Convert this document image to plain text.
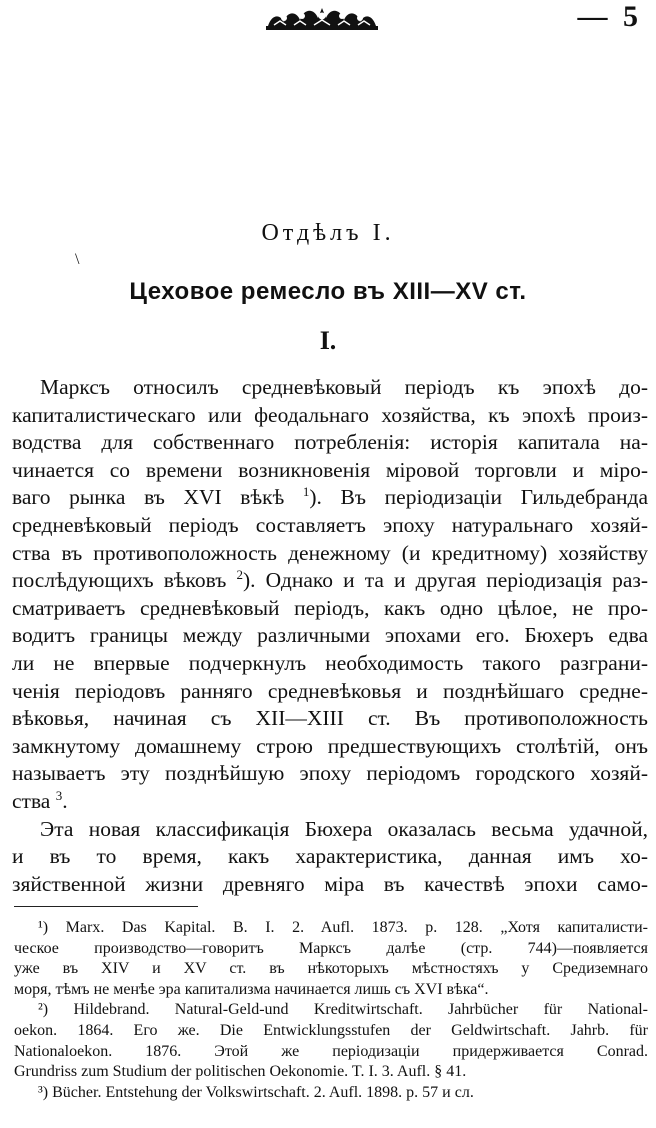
— 5
\
Отдѣлъ I.
Цеховое ремесло въ XIII—XV ст.
I.
Марксъ относилъ средневѣковый періодъ къ эпохѣ до-
капиталистическаго или феодальнаго хозяйства, къ эпохѣ произ-
водства для собственнаго потребленія: исторія капитала на-
чинается со времени возникновенія міровой торговли и міро-
ваго рынка въ XVI вѣкѣ $^1$). Въ періодизаціи Гильдебранда
средневѣковый періодъ составляетъ эпоху натуральнаго хозяй-
ства въ противоположность денежному (и кредитному) хозяйству
послѣдующихъ вѣковъ $^2$). Однако и та и другая періодизація раз-
сматриваетъ средневѣковый періодъ, какъ одно цѣлое, не про-
водитъ границы между различными эпохами его. Бюхеръ едва
ли не впервые подчеркнулъ необходимость такого разграни-
ченія періодовъ ранняго средневѣковья и позднѣйшаго средне-
вѣковья, начиная съ XII—XIII ст. Въ противоположность
замкнутому домашнему строю предшествующихъ столѣтій, онъ
называетъ эту позднѣйшую эпоху періодомъ городского хозяй-
ства $^3$.
Эта новая классификація Бюхера оказалась весьма удачной,
и въ то время, какъ характеристика, данная имъ хо-
зяйственной жизни древняго міра въ качествѣ эпохи само-
¹) Marx. Das Kapital. B. I. 2. Aufl. 1873. p. 128. „Хотя капиталисти-
ческое производство—говоритъ Марксъ далѣе (стр. 744)—появляется
уже въ XIV и XV ст. въ нѣкоторыхъ мѣстностяхъ у Средиземнаго
моря, тѣмъ не менѣе эра капитализма начинается лишь съ XVI вѣка“.
²) Hildebrand. Natural-Geld-und Kreditwirtschaft. Jahrbücher für National-
oekon. 1864. Его же. Die Entwicklungsstufen der Geldwirtschaft. Jahrb. für
Nationaloekon. 1876. Этой же періодизаціи придерживается Conrad.
Grundriss zum Studium der politischen Oekonomie. T. I. 3. Aufl. § 41.
³) Bücher. Entstehung der Volkswirtschaft. 2. Aufl. 1898. p. 57 и сл.
